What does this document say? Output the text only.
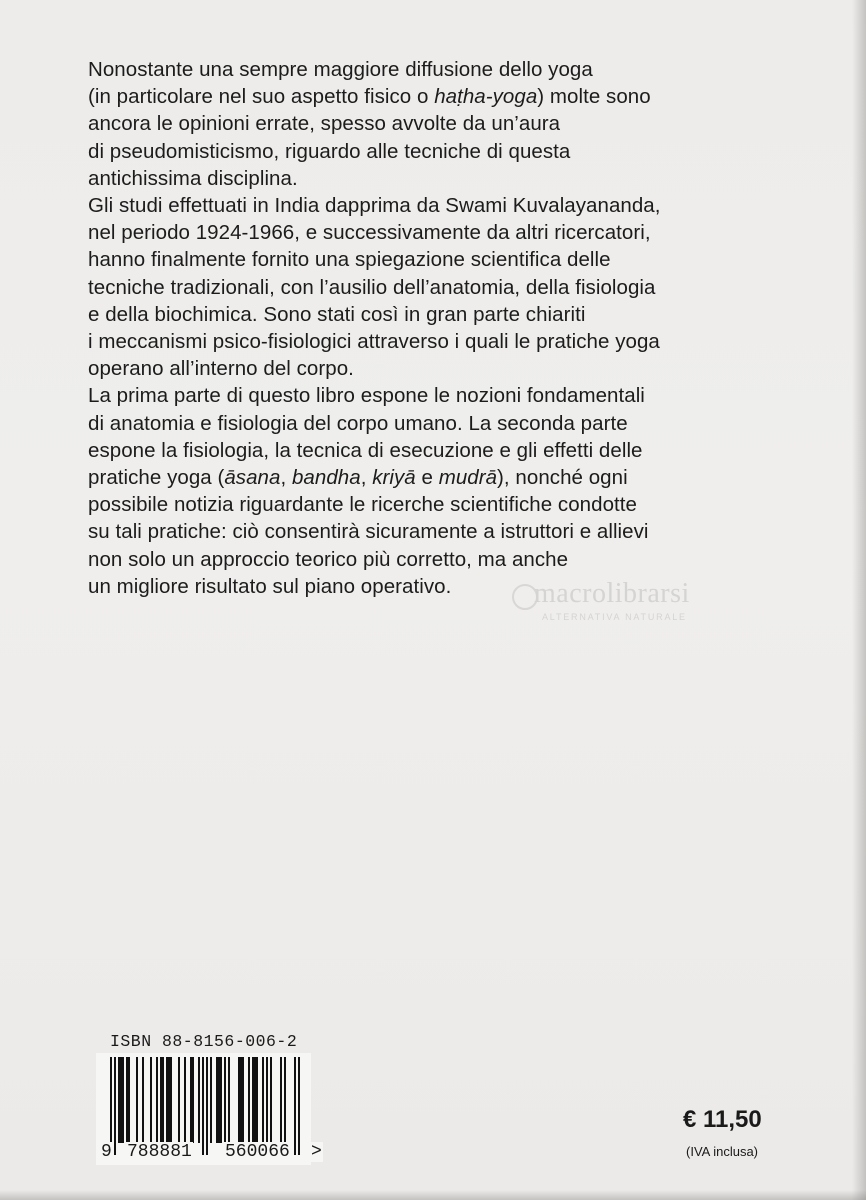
Nonostante una sempre maggiore diffusione dello yoga
(in particolare nel suo aspetto fisico o haṭha-yoga) molte sono
ancora le opinioni errate, spesso avvolte da un’aura
di pseudomisticismo, riguardo alle tecniche di questa
antichissima disciplina.
Gli studi effettuati in India dapprima da Swami Kuvalayananda,
nel periodo 1924-1966, e successivamente da altri ricercatori,
hanno finalmente fornito una spiegazione scientifica delle
tecniche tradizionali, con l’ausilio dell’anatomia, della fisiologia
e della biochimica. Sono stati così in gran parte chiariti
i meccanismi psico-fisiologici attraverso i quali le pratiche yoga
operano all’interno del corpo.
La prima parte di questo libro espone le nozioni fondamentali
di anatomia e fisiologia del corpo umano. La seconda parte
espone la fisiologia, la tecnica di esecuzione e gli effetti delle
pratiche yoga (āsana, bandha, kriyā e mudrā), nonché ogni
possibile notizia riguardante le ricerche scientifiche condotte
su tali pratiche: ciò consentirà sicuramente a istruttori e allievi
non solo un approccio teorico più corretto, ma anche
un migliore risultato sul piano operativo.	macrolibrarsi
ALTERNATIVA NATURALE
ISBN 88-8156-006-2
9 788881 560066 >
€ 11,50
(IVA inclusa)
